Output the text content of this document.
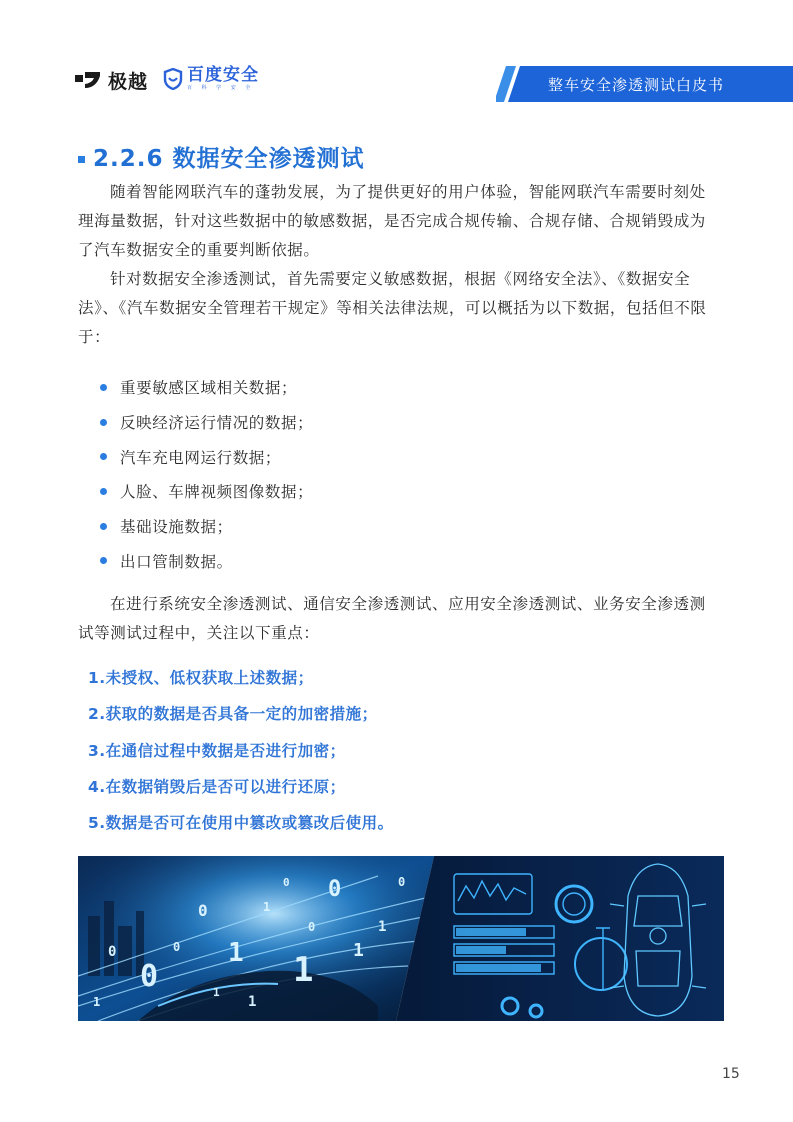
极越 百度安全
百 科 学 安 全	整车安全渗透测试白皮书
2.2.6 数据安全渗透测试
随着智能网联汽车的蓬勃发展，为了提供更好的用户体验，智能网联汽车需要时刻处理海量数据，针对这些数据中的敏感数据，是否完成合规传输、合规存储、合规销毁成为了汽车数据安全的重要判断依据。
针对数据安全渗透测试，首先需要定义敏感数据，根据《网络安全法》、《数据安全法》、《汽车数据安全管理若干规定》等相关法律法规，可以概括为以下数据，包括但不限于：
重要敏感区域相关数据；
反映经济运行情况的数据；
汽车充电网运行数据；
人脸、车牌视频图像数据；
基础设施数据；
出口管制数据。
在进行系统安全渗透测试、通信安全渗透测试、应用安全渗透测试、业务安全渗透测试等测试过程中，关注以下重点：
1.未授权、低权获取上述数据；
2.获取的数据是否具备一定的加密措施；
3.在通信过程中数据是否进行加密；
4.在数据销毁后是否可以进行还原；
5.数据是否可在使用中篡改或篡改后使用。
1
0	1
0
0
1
1
0	1
0
1
0
0
1
0
1
15
